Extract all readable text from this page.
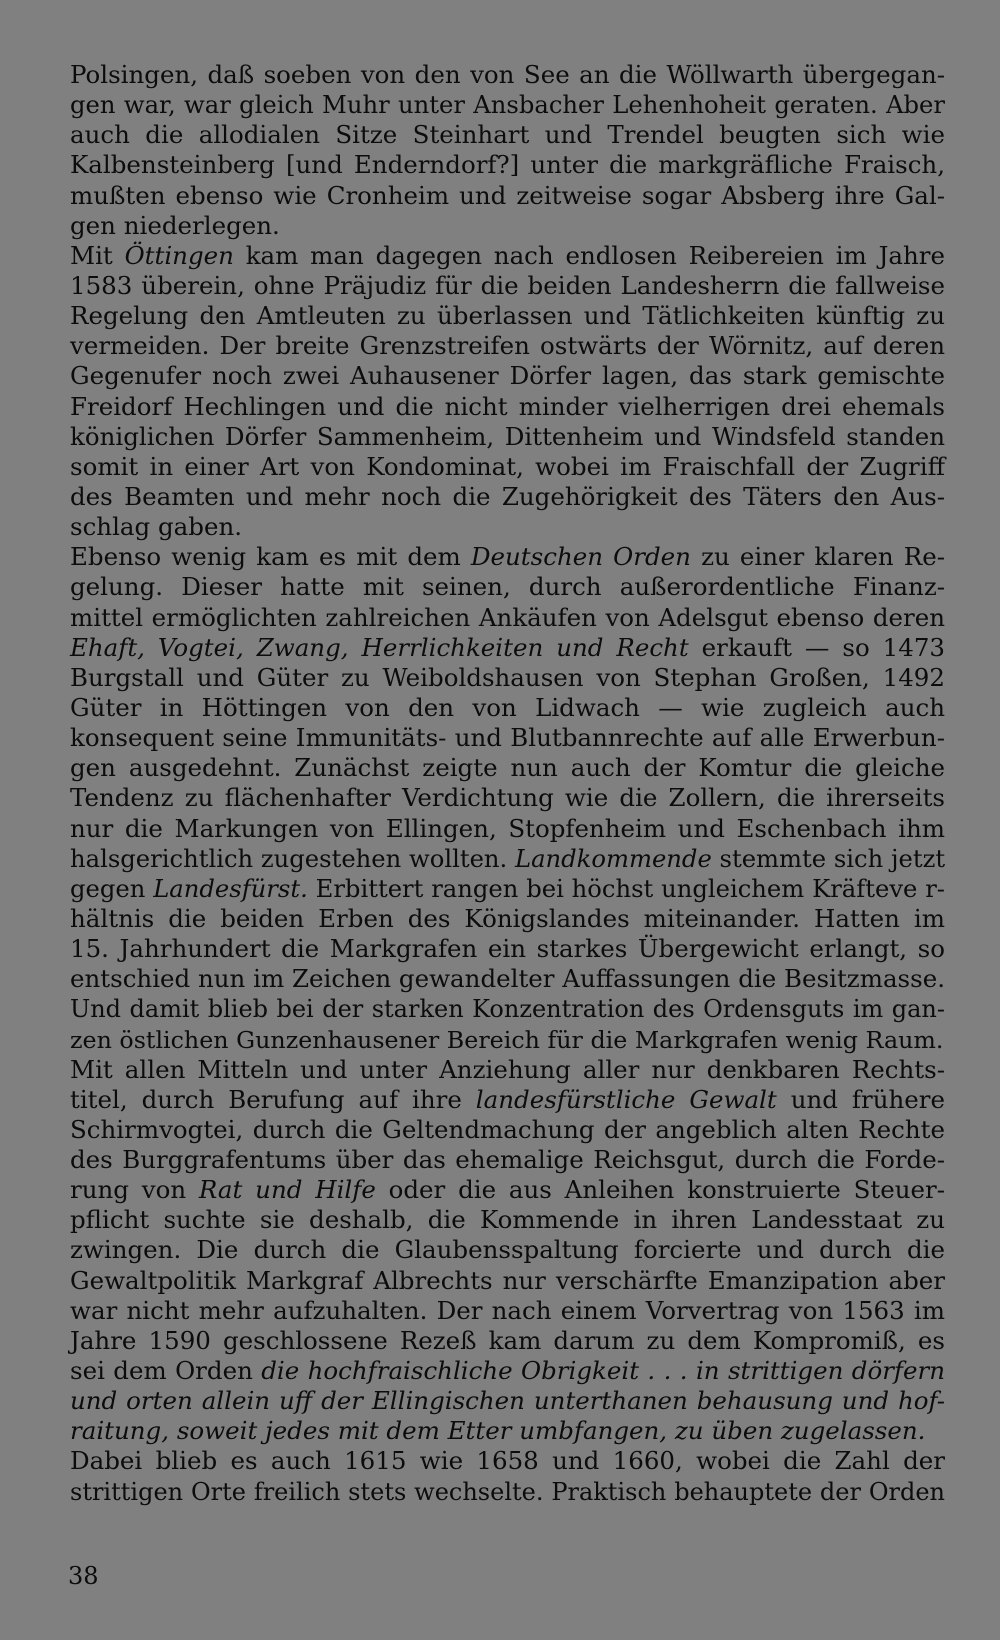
Polsingen, daß soeben von den von See an die Wöllwarth übergegan-
gen war, war gleich Muhr unter Ansbacher Lehenhoheit geraten. Aber
auch die allodialen Sitze Steinhart und Trendel beugten sich wie
Kalbensteinberg [und Enderndorf?] unter die markgräfliche Fraisch,
mußten ebenso wie Cronheim und zeitweise sogar Absberg ihre Gal-
gen niederlegen.
Mit Öttingen kam man dagegen nach endlosen Reibereien im Jahre
1583 überein, ohne Präjudiz für die beiden Landesherrn die fallweise
Regelung den Amtleuten zu überlassen und Tätlichkeiten künftig zu
vermeiden. Der breite Grenzstreifen ostwärts der Wörnitz, auf deren
Gegenufer noch zwei Auhausener Dörfer lagen, das stark gemischte
Freidorf Hechlingen und die nicht minder vielherrigen drei ehemals
königlichen Dörfer Sammenheim, Dittenheim und Windsfeld standen
somit in einer Art von Kondominat, wobei im Fraischfall der Zugriff
des Beamten und mehr noch die Zugehörigkeit des Täters den Aus-
schlag gaben.
Ebenso wenig kam es mit dem Deutschen Orden zu einer klaren Re-
gelung. Dieser hatte mit seinen, durch außerordentliche Finanz-
mittel ermöglichten zahlreichen Ankäufen von Adelsgut ebenso deren
Ehaft, Vogtei, Zwang, Herrlichkeiten und Recht erkauft — so 1473
Burgstall und Güter zu Weiboldshausen von Stephan Großen, 1492
Güter in Höttingen von den von Lidwach — wie zugleich auch
konsequent seine Immunitäts- und Blutbannrechte auf alle Erwerbun-
gen ausgedehnt. Zunächst zeigte nun auch der Komtur die gleiche
Tendenz zu flächenhafter Verdichtung wie die Zollern, die ihrerseits
nur die Markungen von Ellingen, Stopfenheim und Eschenbach ihm
halsgerichtlich zugestehen wollten. Landkommende stemmte sich jetzt
gegen Landesfürst. Erbittert rangen bei höchst ungleichem Kräfteve r-
hältnis die beiden Erben des Königslandes miteinander. Hatten im
15. Jahrhundert die Markgrafen ein starkes Übergewicht erlangt, so
entschied nun im Zeichen gewandelter Auffassungen die Besitzmasse.
Und damit blieb bei der starken Konzentration des Ordensguts im gan-
zen östlichen Gunzenhausener Bereich für die Markgrafen wenig Raum.
Mit allen Mitteln und unter Anziehung aller nur denkbaren Rechts-
titel, durch Berufung auf ihre landesfürstliche Gewalt und frühere
Schirmvogtei, durch die Geltendmachung der angeblich alten Rechte
des Burggrafentums über das ehemalige Reichsgut, durch die Forde-
rung von Rat und Hilfe oder die aus Anleihen konstruierte Steuer-
pflicht suchte sie deshalb, die Kommende in ihren Landesstaat zu
zwingen. Die durch die Glaubensspaltung forcierte und durch die
Gewaltpolitik Markgraf Albrechts nur verschärfte Emanzipation aber
war nicht mehr aufzuhalten. Der nach einem Vorvertrag von 1563 im
Jahre 1590 geschlossene Rezeß kam darum zu dem Kompromiß, es
sei dem Orden die hochfraischliche Obrigkeit . . . in strittigen dörfern
und orten allein uff der Ellingischen unterthanen behausung und hof-
raitung, soweit jedes mit dem Etter umbfangen, zu üben zugelassen.
Dabei blieb es auch 1615 wie 1658 und 1660, wobei die Zahl der
strittigen Orte freilich stets wechselte. Praktisch behauptete der Orden
38
